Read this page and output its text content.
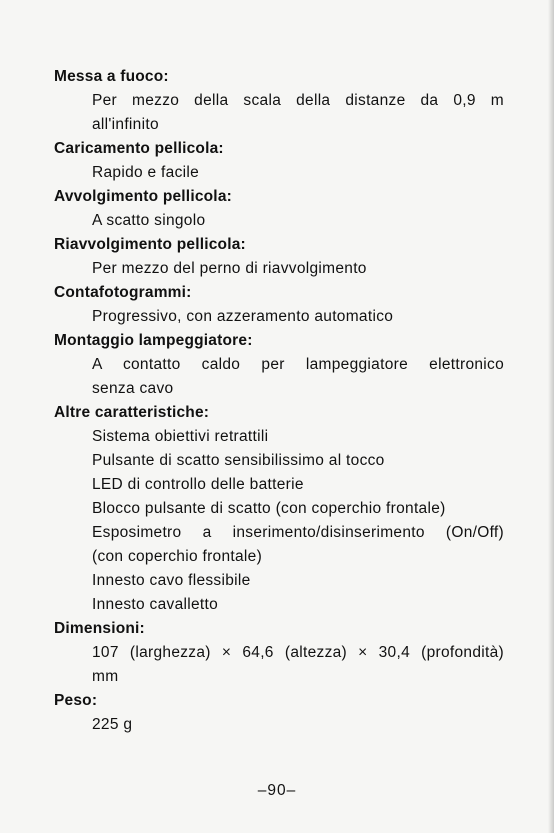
Messa a fuoco:
Per mezzo della scala della distanze da 0,9 m
all'infinito
Caricamento pellicola:
Rapido e facile
Avvolgimento pellicola:
A scatto singolo
Riavvolgimento pellicola:
Per mezzo del perno di riavvolgimento
Contafotogrammi:
Progressivo, con azzeramento automatico
Montaggio lampeggiatore:
A contatto caldo per lampeggiatore elettronico
senza cavo
Altre caratteristiche:
Sistema obiettivi retrattili
Pulsante di scatto sensibilissimo al tocco
LED di controllo delle batterie
Blocco pulsante di scatto (con coperchio frontale)
Esposimetro a inserimento/disinserimento (On/Off)
(con coperchio frontale)
Innesto cavo flessibile
Innesto cavalletto
Dimensioni:
107 (larghezza) × 64,6 (altezza) × 30,4 (profondità)
mm
Peso:
225 g
–90–
